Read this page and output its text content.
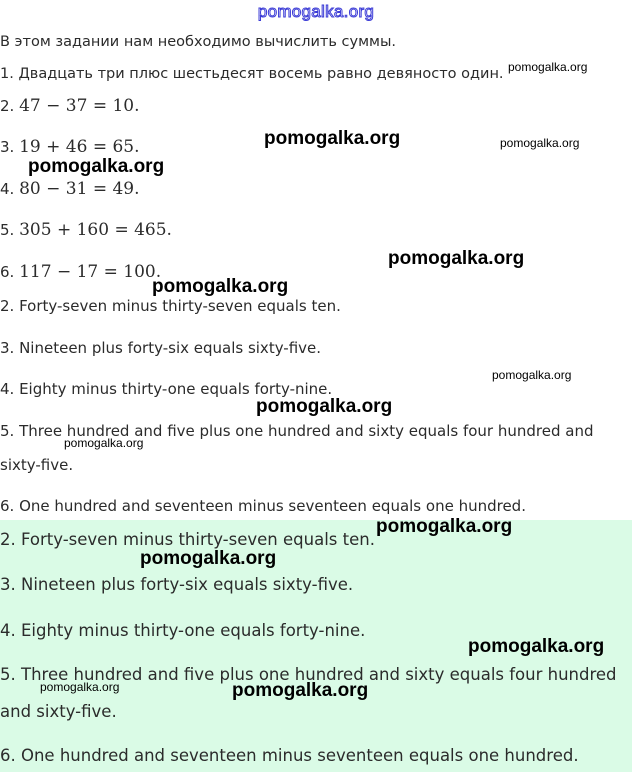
pomogalka.org
В этом задании нам необходимо вычислить суммы.
1. Двадцать три плюс шестьдесят восемь равно девяносто один.
2. 47 − 37 = 10.
3. 19 + 46 = 65.
4. 80 − 31 = 49.
5. 305 + 160 = 465.
6. 117 − 17 = 100.
2. Forty-seven minus thirty-seven equals ten.
3. Nineteen plus forty-six equals sixty-five.
4. Eighty minus thirty-one equals forty-nine.
5. Three hundred and five plus one hundred and sixty equals four hundred and
sixty-five.
6. One hundred and seventeen minus seventeen equals one hundred.
2. Forty-seven minus thirty-seven equals ten.
3. Nineteen plus forty-six equals sixty-five.
4. Eighty minus thirty-one equals forty-nine.
5. Three hundred and five plus one hundred and sixty equals four hundred
and sixty-five.
6. One hundred and seventeen minus seventeen equals one hundred.
pomogalka.org
pomogalka.org	pomogalka.org
pomogalka.org
pomogalka.org
pomogalka.org
pomogalka.org
pomogalka.org
pomogalka.org
pomogalka.org
pomogalka.org
pomogalka.org
pomogalka.org	pomogalka.org
